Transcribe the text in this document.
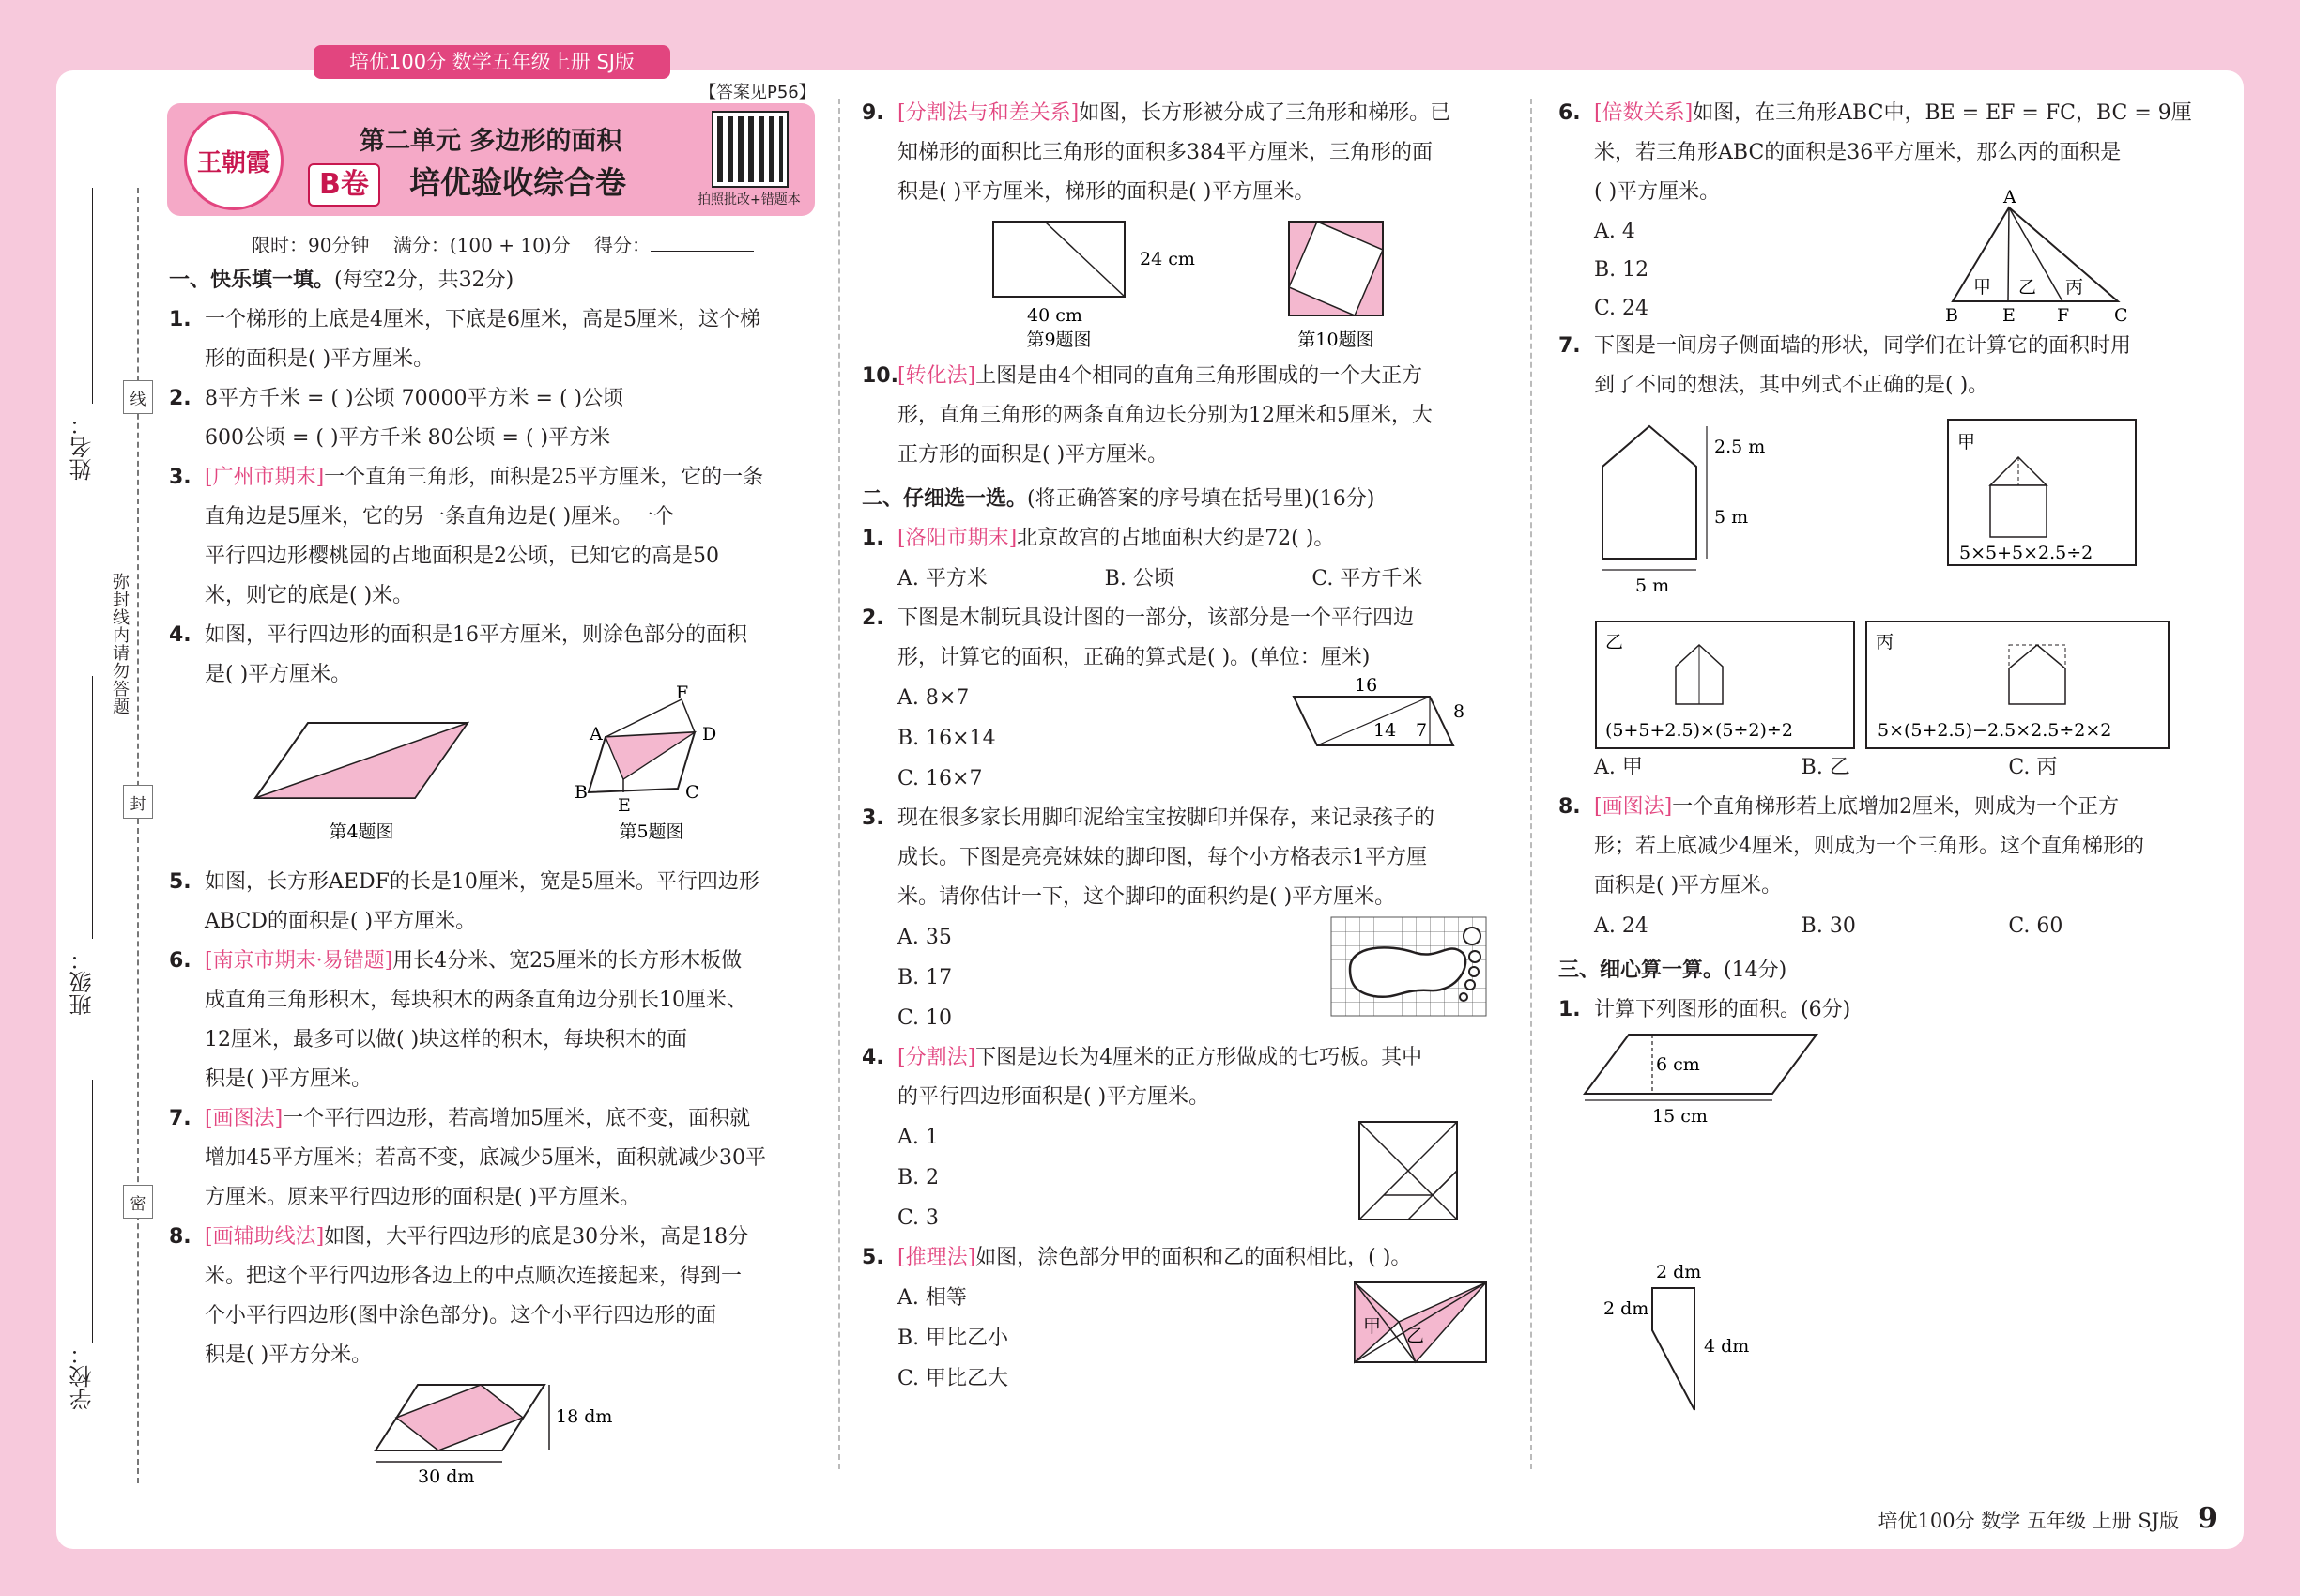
培优100分 数学五年级上册 SJ版
【答案见P56】
王朝霞
第二单元 多边形的面积
B卷	培优验收综合卷	拍照批改+错题本
限时：90分钟 满分：(100 + 10)分 得分：
姓名：
班级：
学校：
线
弥封线内请勿答题
封
密

一、快乐填一填。(每空2分，共32分)

1. 一个梯形的上底是4厘米，下底是6厘米，高是5厘米，这个梯
形的面积是( )平方厘米。

2. 8平方千米 = ( )公顷 70000平方米 = ( )公顷
600公顷 = ( )平方千米 80公顷 = ( )平方米

3. [广州市期末]一个直角三角形，面积是25平方厘米，它的一条
直角边是5厘米，它的另一条直角边是( )厘米。一个
平行四边形樱桃园的占地面积是2公顷，已知它的高是50
米，则它的底是( )米。

4. 如图，平行四边形的面积是16平方厘米，则涂色部分的面积
是( )平方厘米。

第4题图
F
A	D
B
E
C
第5题图

5. 如图，长方形AEDF的长是10厘米，宽是5厘米。平行四边形
ABCD的面积是( )平方厘米。

6. [南京市期末·易错题]用长4分米、宽25厘米的长方形木板做
成直角三角形积木，每块积木的两条直角边分别长10厘米、
12厘米，最多可以做( )块这样的积木，每块积木的面
积是( )平方厘米。

7. [画图法]一个平行四边形，若高增加5厘米，底不变，面积就
增加45平方厘米；若高不变，底减少5厘米，面积就减少30平
方厘米。原来平行四边形的面积是( )平方厘米。

8. [画辅助线法]如图，大平行四边形的底是30分米，高是18分
米。把这个平行四边形各边上的中点顺次连接起来，得到一
个小平行四边形(图中涂色部分)。这个小平行四边形的面
积是( )平方分米。

18 dm
30 dm

9. [分割法与和差关系]如图，长方形被分成了三角形和梯形。已
知梯形的面积比三角形的面积多384平方厘米，三角形的面
积是( )平方厘米，梯形的面积是( )平方厘米。

24 cm
40 cm
第9题图	第10题图

10. [转化法]上图是由4个相同的直角三角形围成的一个大正方
形，直角三角形的两条直角边长分别为12厘米和5厘米，大
正方形的面积是( )平方厘米。

二、仔细选一选。(将正确答案的序号填在括号里)(16分)

1. [洛阳市期末]北京故宫的占地面积大约是72( )。

A. 平方米	B. 公顷	C. 平方千米

2. 下图是木制玩具设计图的一部分，该部分是一个平行四边
形，计算它的面积，正确的算式是( )。(单位：厘米)

A. 8×7

B. 16×14

C. 16×7

16
14 7
8

3. 现在很多家长用脚印泥给宝宝按脚印并保存，来记录孩子的
成长。下图是亮亮妹妹的脚印图，每个小方格表示1平方厘
米。请你估计一下，这个脚印的面积约是( )平方厘米。

A. 35

B. 17

C. 10

4. [分割法]下图是边长为4厘米的正方形做成的七巧板。其中
的平行四边形面积是( )平方厘米。

A. 1

B. 2

C. 3

5. [推理法]如图，涂色部分甲的面积和乙的面积相比，( )。

A. 相等

B. 甲比乙小

C. 甲比乙大

甲 乙

6. [倍数关系]如图，在三角形ABC中，BE = EF = FC，BC = 9厘
米，若三角形ABC的面积是36平方厘米，那么丙的面积是
( )平方厘米。

A. 4

B. 12

C. 24

A
B E F	C
甲 乙 丙

7. 下图是一间房子侧面墙的形状，同学们在计算它的面积时用
到了不同的想法，其中列式不正确的是( )。

2.5 m
5 m
5 m
甲
5×5+5×2.5÷2
乙
(5+5+2.5)×(5÷2)÷2
丙
5×(5+2.5)−2.5×2.5÷2×2
A. 甲	B. 乙	C. 丙

8. [画图法]一个直角梯形若上底增加2厘米，则成为一个正方
形；若上底减少4厘米，则成为一个三角形。这个直角梯形的
面积是( )平方厘米。

A. 24	B. 30	C. 60

三、细心算一算。(14分)

1. 计算下列图形的面积。(6分)

6 cm
15 cm
2 dm
2 dm
4 dm
培优100分 数学 五年级 上册 SJ版 9
